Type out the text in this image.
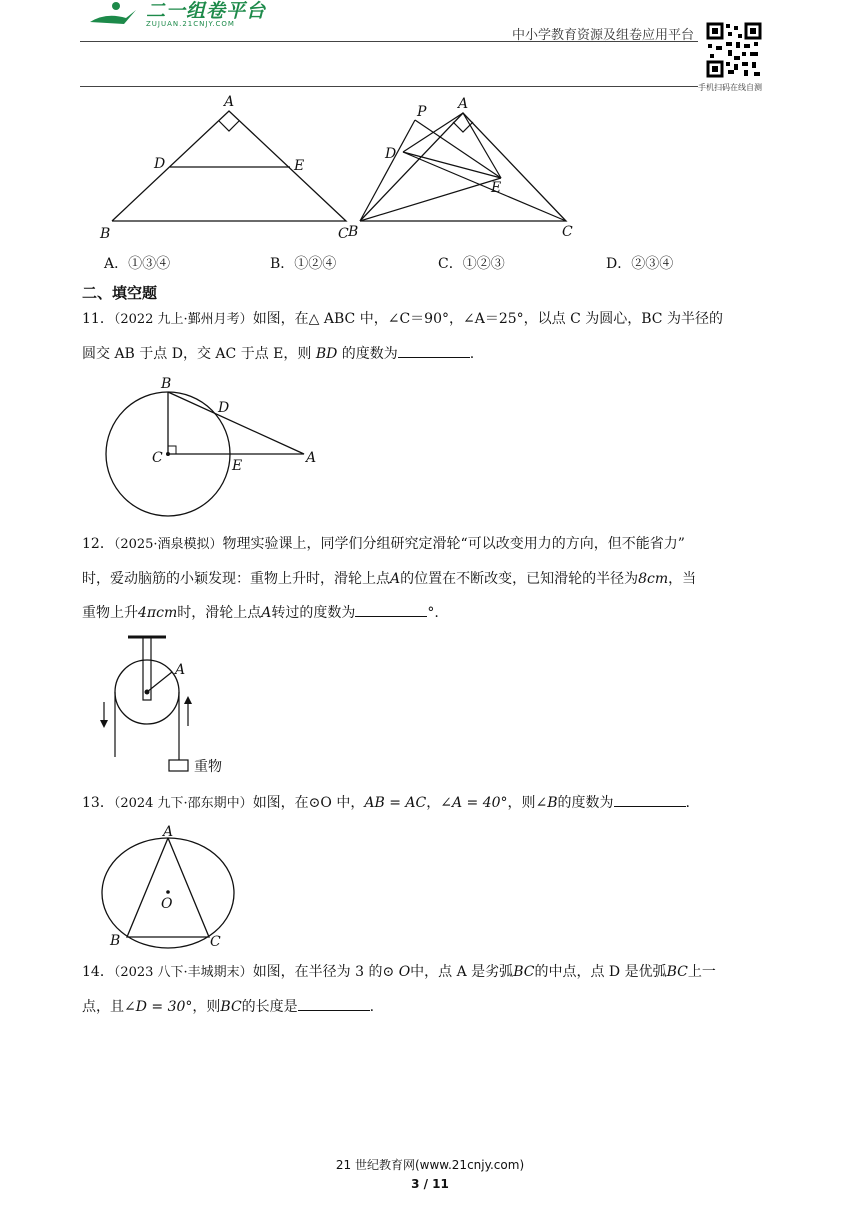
二一组卷平台
ZUJUAN.21CNJY.COM
中小学教育资源及组卷应用平台
手机扫码在线自测
A
D	E
B	C
P A
D
E
B	C
A．①③④	B．①②④	C．①②③	D．②③④
二、填空题
11．（2022 九上·鄞州月考）如图，在△ ABC 中，∠C＝90°，∠A＝25°，以点 C 为圆心，BC 为半径的
圆交 AB 于点 D，交 AC 于点 E，则 BD 的度数为	.
B
D
C	E	A
12．（2025·酒泉模拟）物理实验课上，同学们分组研究定滑轮“可以改变用力的方向，但不能省力”
时，爱动脑筋的小颖发现：重物上升时，滑轮上点A的位置在不断改变，已知滑轮的半径为8cm，当
重物上升4πcm时，滑轮上点A转过的度数为	°.
A
重物
13．（2024 九下·邵东期中）如图，在⊙O 中，AB = AC，∠A = 40°，则∠B的度数为	.
A
O
B	C
14．（2023 八下·丰城期末）如图，在半径为 3 的⊙ O中，点 A 是劣弧BC的中点，点 D 是优弧BC上一
点，且∠D = 30°，则BC的长度是	.
21 世纪教育网(www.21cnjy.com)
3 / 11
